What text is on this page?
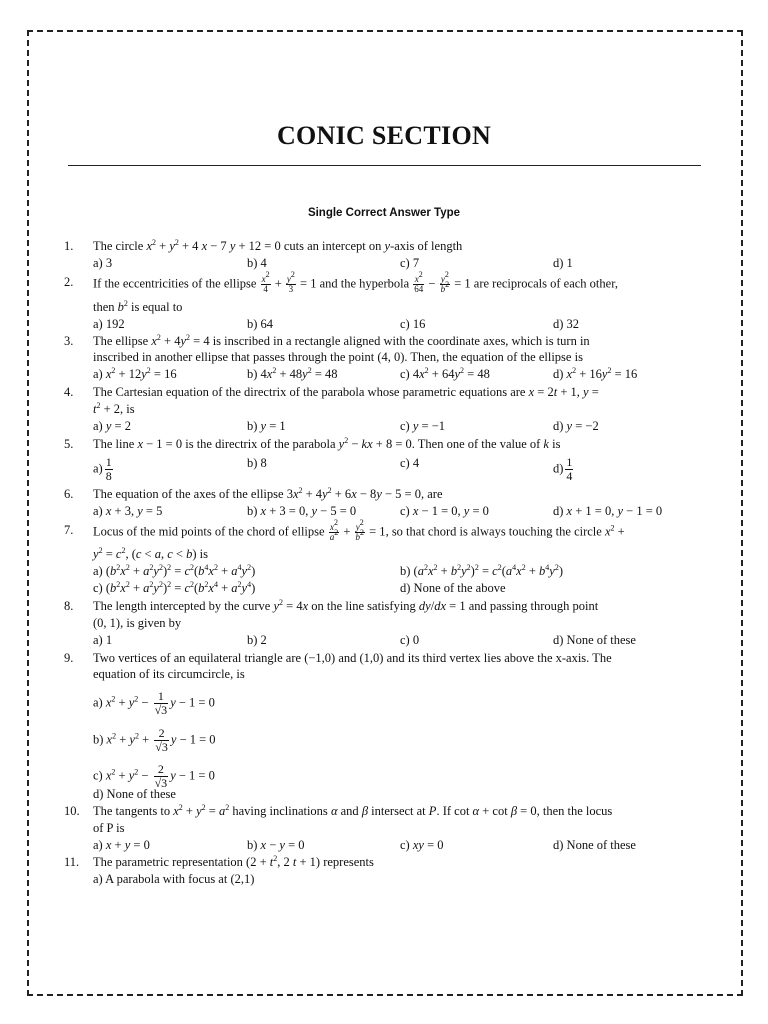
CONIC SECTION
Single Correct Answer Type
1. The circle $x^2 + y^2 + 4$ x − 7 y + 12 = 0 cuts an intercept on y-axis of length
a) 3	b) 4	c) 7	d) 1
2. If the eccentricities of the ellipse $\frac{x^2}{4} + \frac{y^2}{3} = 1$ and the hyperbola $\frac{x^2}{64} - \frac{y^2}{b^2} = 1$ are reciprocals of each other,
then $b^2$ is equal to
a) 192	b) 64	c) 16	d) 32
3. The ellipse $x^2 + 4y^2 = 4$ is inscribed in a rectangle aligned with the coordinate axes, which is turn in
inscribed in another ellipse that passes through the point (4, 0). Then, the equation of the ellipse is
a) $x^2 + 12y^2 = 16$	b) $4x^2 + 48y^2 = 48$	c) $4x^2 + 64y^2 = 48$	d) $x^2 + 16y^2 = 16$
4. The Cartesian equation of the directrix of the parabola whose parametric equations are x = 2t + 1, y =
$t^2 + 2$, is
a) y = 2	b) y = 1	c) y = −1	d) y = −2
5. The line x − 1 = 0 is the directrix of the parabola $y^2$ − kx + 8 = 0. Then one of the value of k is
$a) \frac{1}{8}$	b) 8	c) 4	$d) \frac{1}{4}$
6. The equation of the axes of the ellipse $3x^2 + 4y^2 + 6x - 8y - 5 = 0$, are
a) x + 3, y = 5	b) x + 3 = 0, y − 5 = 0	c) x − 1 = 0, y = 0	d) x + 1 = 0, y − 1 = 0
7. Locus of the mid points of the chord of ellipse $\frac{x^2}{a^2} + \frac{y^2}{b^2} = 1$, so that chord is always touching the circle $x^2$ +
$y^2 = c^2$, (c < a, c < b) is
a) $(b^2x^2 + a^2y^2)^2 = c^2(b^4x^2 + a^4y^2)$	b) $(a^2x^2 + b^2y^2)^2 = c^2(a^4x^2 + b^4y^2)$
c) $(b^2x^2 + a^2y^2)^2 = c^2(b^2x^4 + a^2y^4)$	d) None of the above
8. The length intercepted by the curve $y^2 = 4x$ on the line satisfying dy/dx = 1 and passing through point
(0, 1), is given by
a) 1	b) 2	c) 0	d) None of these
9. Two vertices of an equilateral triangle are (−1,0) and (1,0) and its third vertex lies above the x-axis. The
equation of its circumcircle, is
a) $x^2 + y^2 - \frac{1}{√3}$ y − 1 = 0
b) $x^2 + y^2 + \frac{2}{√3}$ y − 1 = 0
c) $x^2 + y^2 - \frac{2}{√3}$ y − 1 = 0
d) None of these
10. The tangents to $x^2 + y^2 = a^2$ having inclinations α and β intersect at P. If cot α + cot β = 0, then the locus
of P is
a) x + y = 0	b) x − y = 0	c) xy = 0	d) None of these
11. The parametric representation ($2 + t^2$, 2 t + 1) represents
a) A parabola with focus at (2,1)
